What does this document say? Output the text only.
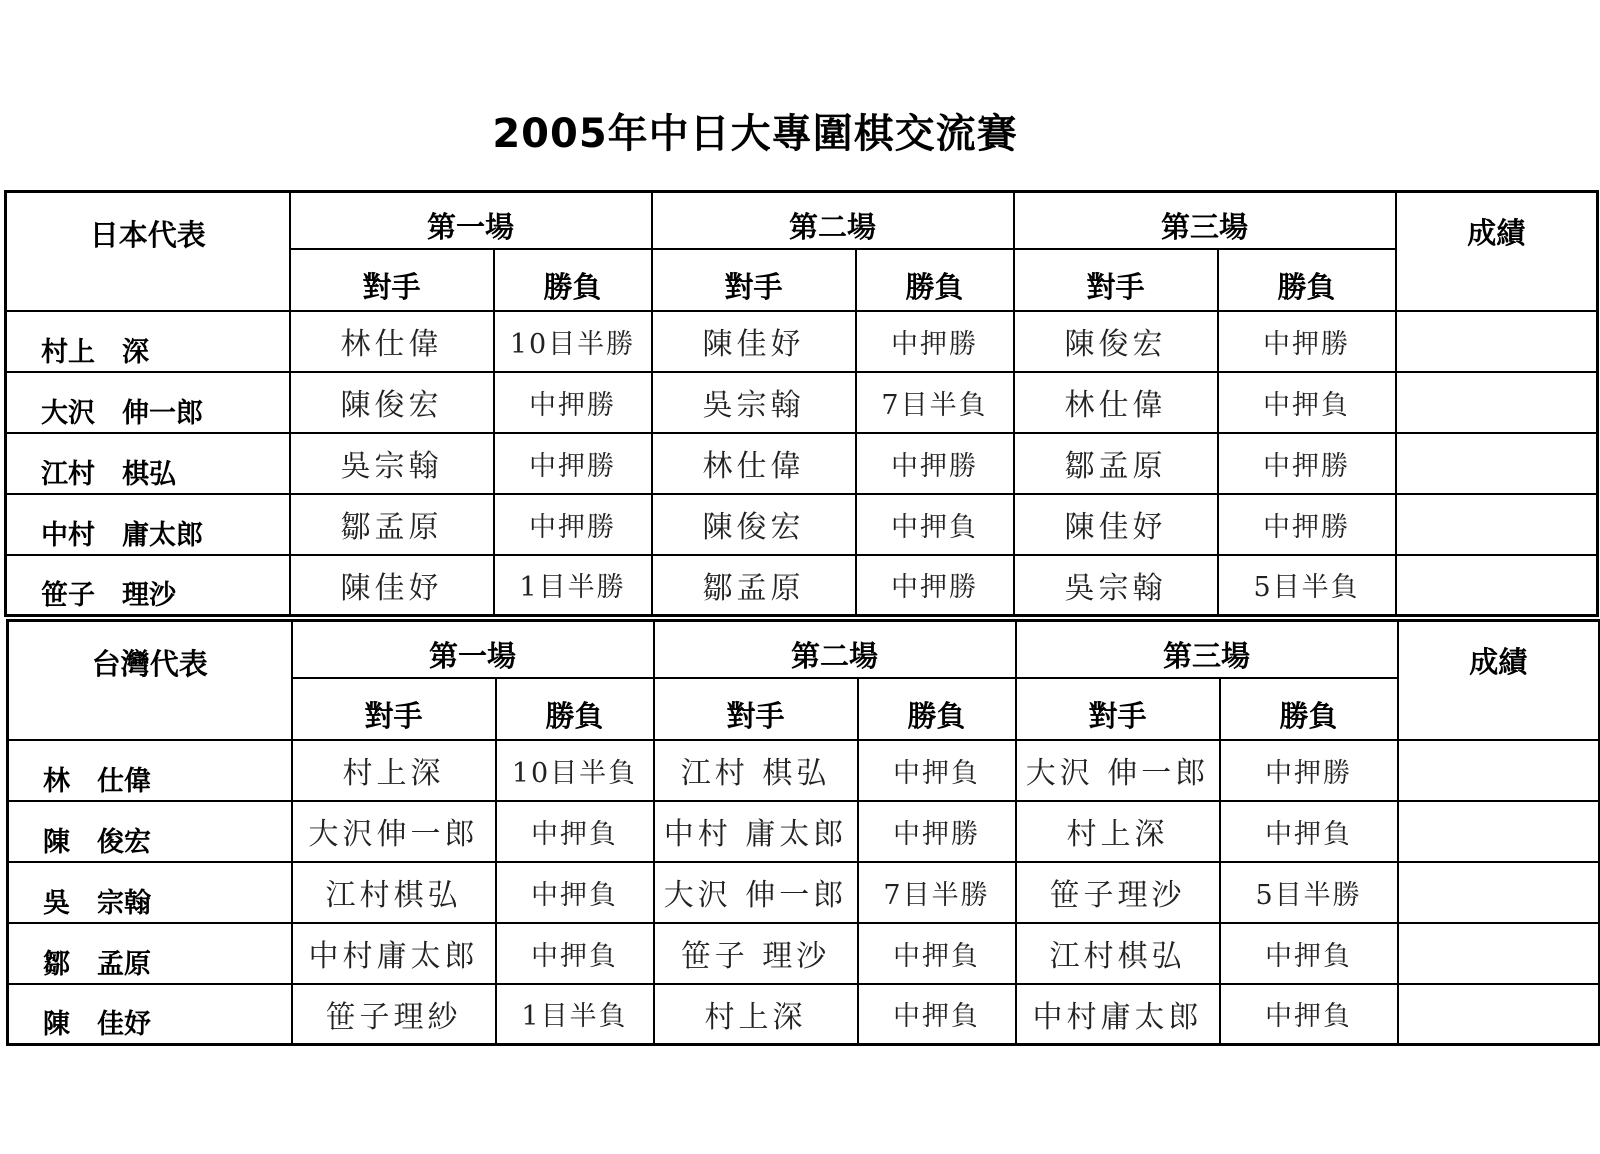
2005年中日大專圍棋交流賽
日本代表	第一場		第二場		第三場		成績
	對手	勝負	對手	勝負	對手	勝負	
村上　深	林仕偉	10目半勝	陳佳妤	中押勝	陳俊宏	中押勝	
大沢　伸一郎	陳俊宏	中押勝	吳宗翰	7目半負	林仕偉	中押負	
江村　棋弘	吳宗翰	中押勝	林仕偉	中押勝	鄒孟原	中押勝	
中村　庸太郎	鄒孟原	中押勝	陳俊宏	中押負	陳佳妤	中押勝	
笹子　理沙	陳佳妤	1目半勝	鄒孟原	中押勝	吳宗翰	5目半負	
台灣代表	第一場		第二場		第三場		成績
	對手	勝負	對手	勝負	對手	勝負	
林　仕偉	村上深	10目半負	江村 棋弘	中押負	大沢 伸一郎	中押勝	
陳　俊宏	大沢伸一郎	中押負	中村 庸太郎	中押勝	村上深	中押負	
吳　宗翰	江村棋弘	中押負	大沢 伸一郎	7目半勝	笹子理沙	5目半勝	
鄒　孟原	中村庸太郎	中押負	笹子 理沙	中押負	江村棋弘	中押負	
陳　佳妤	笹子理紗	1目半負	村上深	中押負	中村庸太郎	中押負	
